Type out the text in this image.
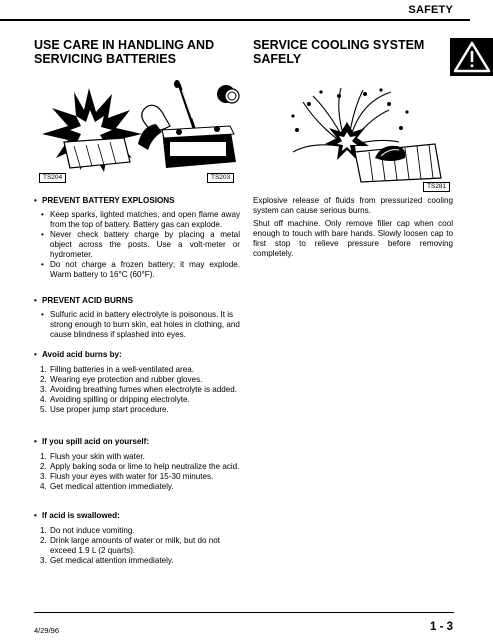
SAFETY
USE CARE IN HANDLING AND
SERVICING BATTERIES
TS204	TS203
• PREVENT BATTERY EXPLOSIONS
• Keep sparks, lighted matches, and open flame away from the top of battery. Battery gas can explode.
• Never check battery charge by placing a metal object across the posts. Use a volt-meter or hydrometer.
• Do not charge a frozen battery; it may explode. Warm battery to 16°C (60°F).
• PREVENT ACID BURNS
• Sulfuric acid in battery electrolyte is poisonous. It is strong enough to burn skin, eat holes in clothing, and cause blindness if splashed into eyes.
• Avoid acid burns by:
1. Filling batteries in a well-ventilated area.
2. Wearing eye protection and rubber gloves.
3. Avoiding breathing fumes when electrolyte is added.
4. Avoiding spilling or dripping electrolyte.
5. Use proper jump start procedure.
• If you spill acid on yourself:
1. Flush your skin with water.
2. Apply baking soda or lime to help neutralize the acid.
3. Flush your eyes with water for 15-30 minutes.
4. Get medical attention immediately.
• If acid is swallowed:
1. Do not induce vomiting.
2. Drink large amounts of water or milk, but do not exceed 1.9 L (2 quarts).
3. Get medical attention immediately.
SERVICE COOLING SYSTEM
SAFELY
TS281
Explosive release of fluids from pressurized cooling system can cause serious burns.
Shut off machine. Only remove filler cap when cool enough to touch with bare hands. Slowly loosen cap to first stop to relieve pressure before removing completely.
4/29/96	1 - 3
